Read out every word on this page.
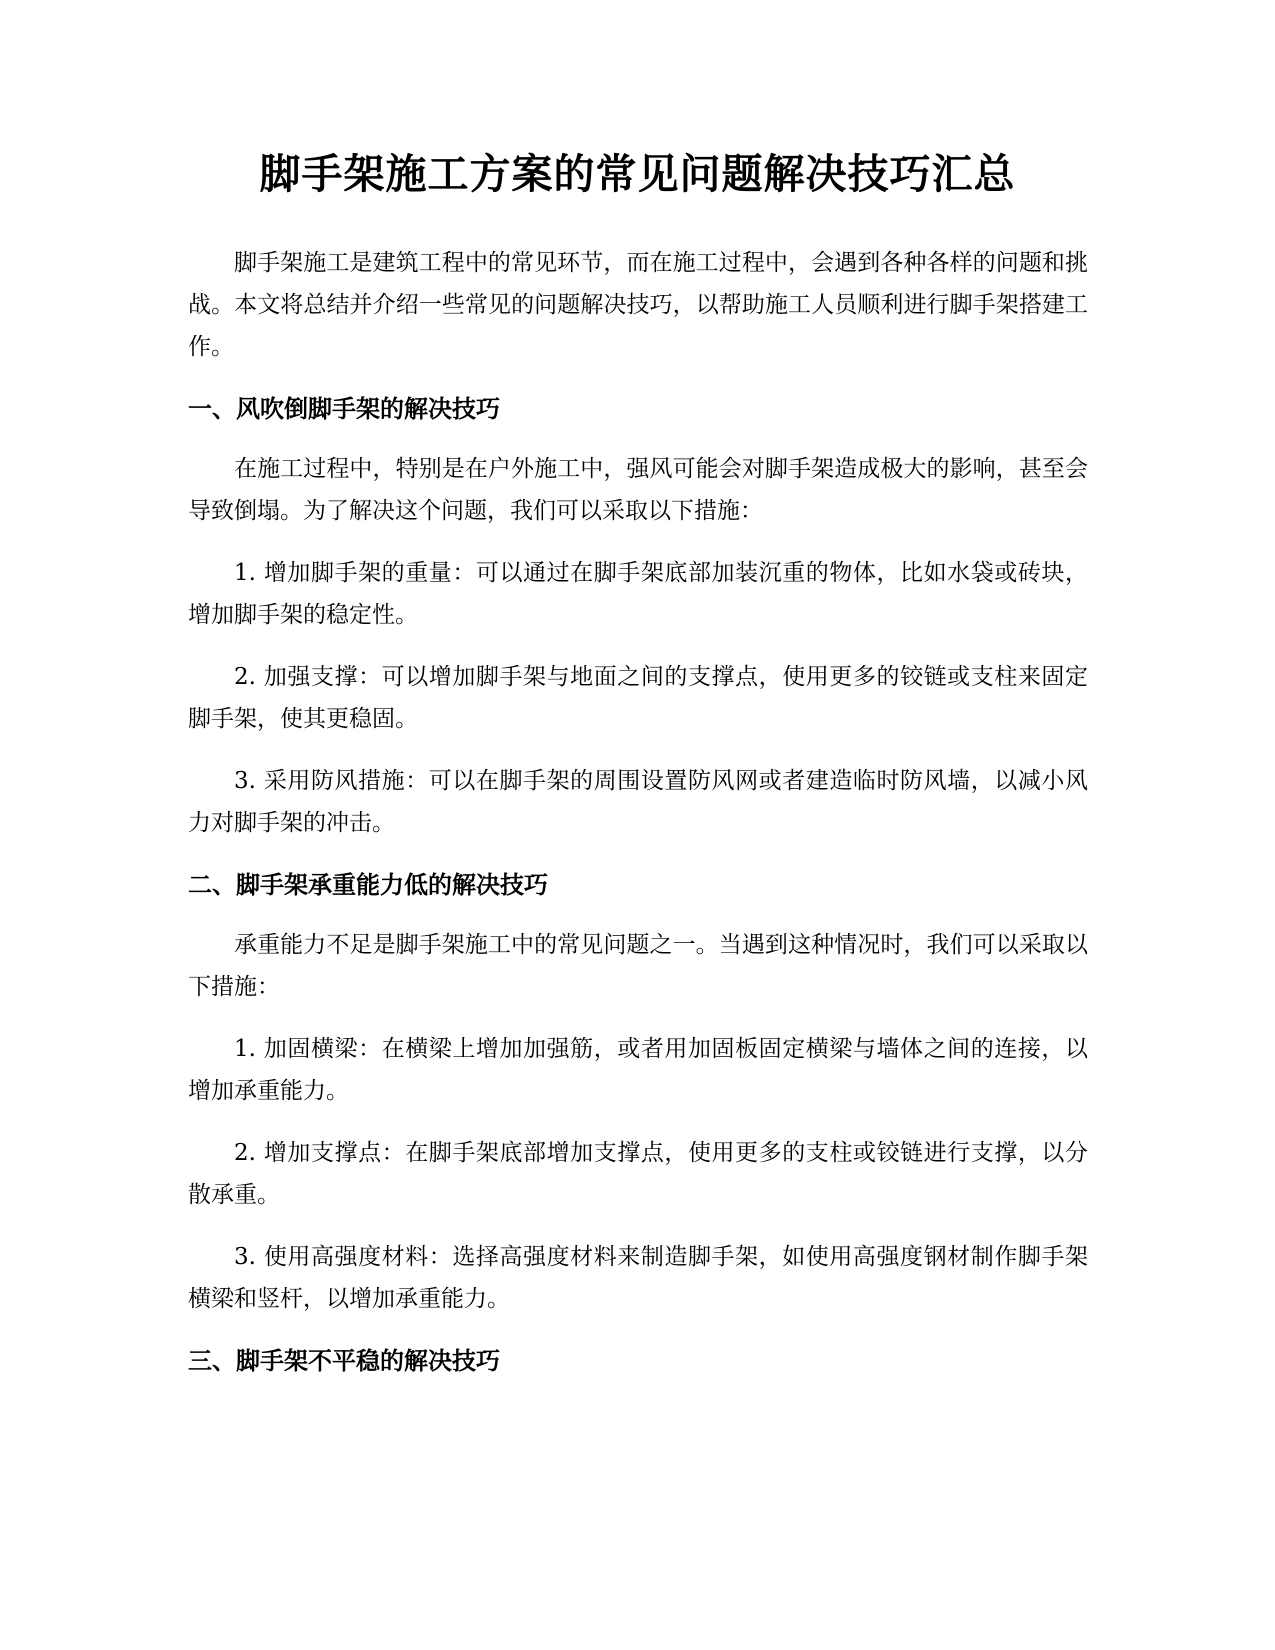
脚手架施工方案的常见问题解决技巧汇总

脚手架施工是建筑工程中的常见环节，而在施工过程中，会遇到各种各样的问题和挑战。本文将总结并介绍一些常见的问题解决技巧，以帮助施工人员顺利进行脚手架搭建工作。

一、风吹倒脚手架的解决技巧

在施工过程中，特别是在户外施工中，强风可能会对脚手架造成极大的影响，甚至会导致倒塌。为了解决这个问题，我们可以采取以下措施：

1. 增加脚手架的重量：可以通过在脚手架底部加装沉重的物体，比如水袋或砖块，增加脚手架的稳定性。

2. 加强支撑：可以增加脚手架与地面之间的支撑点，使用更多的铰链或支柱来固定脚手架，使其更稳固。

3. 采用防风措施：可以在脚手架的周围设置防风网或者建造临时防风墙，以减小风力对脚手架的冲击。

二、脚手架承重能力低的解决技巧

承重能力不足是脚手架施工中的常见问题之一。当遇到这种情况时，我们可以采取以下措施：

1. 加固横梁：在横梁上增加加强筋，或者用加固板固定横梁与墙体之间的连接，以增加承重能力。

2. 增加支撑点：在脚手架底部增加支撑点，使用更多的支柱或铰链进行支撑，以分散承重。

3. 使用高强度材料：选择高强度材料来制造脚手架，如使用高强度钢材制作脚手架横梁和竖杆，以增加承重能力。

三、脚手架不平稳的解决技巧
